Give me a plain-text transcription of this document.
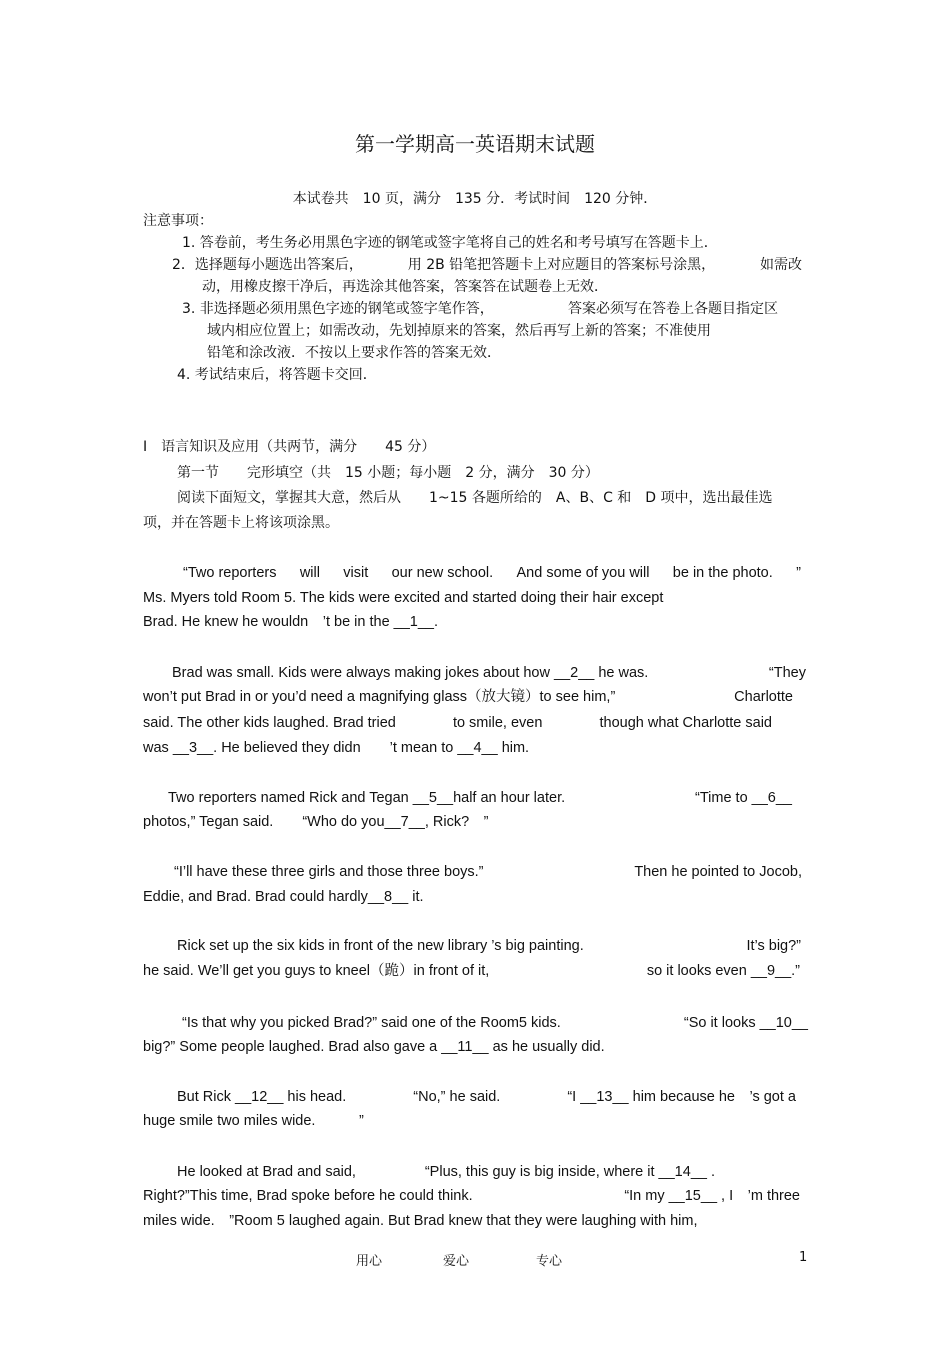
第一学期高一英语期末试题
本试卷共　10 页，满分　135 分．考试时间　120 分钟．
注意事项：
1. 答卷前，考生务必用黑色字迹的钢笔或签字笔将自己的姓名和考号填写在答题卡上．
2．选择题每小题选出答案后，	用 2B 铅笔把答题卡上对应题目的答案标号涂黑，	如需改
动，用橡皮擦干净后，再选涂其他答案，答案答在试题卷上无效．
3. 非选择题必须用黑色字迹的钢笔或签字笔作答，	答案必须写在答卷上各题目指定区
域内相应位置上；如需改动，先划掉原来的答案，然后再写上新的答案；不准使用
铅笔和涂改液．不按以上要求作答的答案无效．
4. 考试结束后，将答题卡交回．
I　语言知识及应用（共两节，满分　　45 分）
第一节　　完形填空（共　15 小题；每小题　2 分，满分　30 分）
阅读下面短文，掌握其大意，然后从　　1~15 各题所给的　A、B、C 和　D 项中，选出最佳选
项，并在答题卡上将该项涂黑。
“Two reporters will visit our new school. And some of you will be in the photo. ”
Ms. Myers told Room 5. The kids were excited and started doing their hair except
Brad. He knew he wouldn　’t be in the __1__.
Brad was small. Kids were always making jokes about how __2__ he was.	“They
won’t put Brad in or you’d need a magnifying glass（放大镜）to see him,”	Charlotte
said. The other kids laughed. Brad tried	to smile, even	though what Charlotte said
was __3__. He believed they didn　　’t mean to __4__ him.
Two reporters named Rick and Tegan __5__half an hour later.	“Time to __6__
photos,” Tegan said.　　“Who do you__7__, Rick?　”
“I’ll have these three girls and those three boys.”	Then he pointed to Jocob,
Eddie, and Brad. Brad could hardly__8__ it.
Rick set up the six kids in front of the new library ’s big painting.	It’s big?”
he said. We’ll get you guys to kneel（跪）in front of it,	so it looks even __9__.”
“Is that why you picked Brad?” said one of the Room5 kids.	“So it looks __10__
big?” Some people laughed. Brad also gave a __11__ as he usually did.
But Rick __12__ his head.	“No,” he said.	“I __13__ him because he　’s got a
huge smile two miles wide.　　　”
He looked at Brad and said,	“Plus, this guy is big inside, where it __14__ .
Right?”This time, Brad spoke before he could think.	“In my __15__ , I　’m three
miles wide.　”Room 5 laughed again. But Brad knew that they were laughing with him,
用心	爱心	专心	1
